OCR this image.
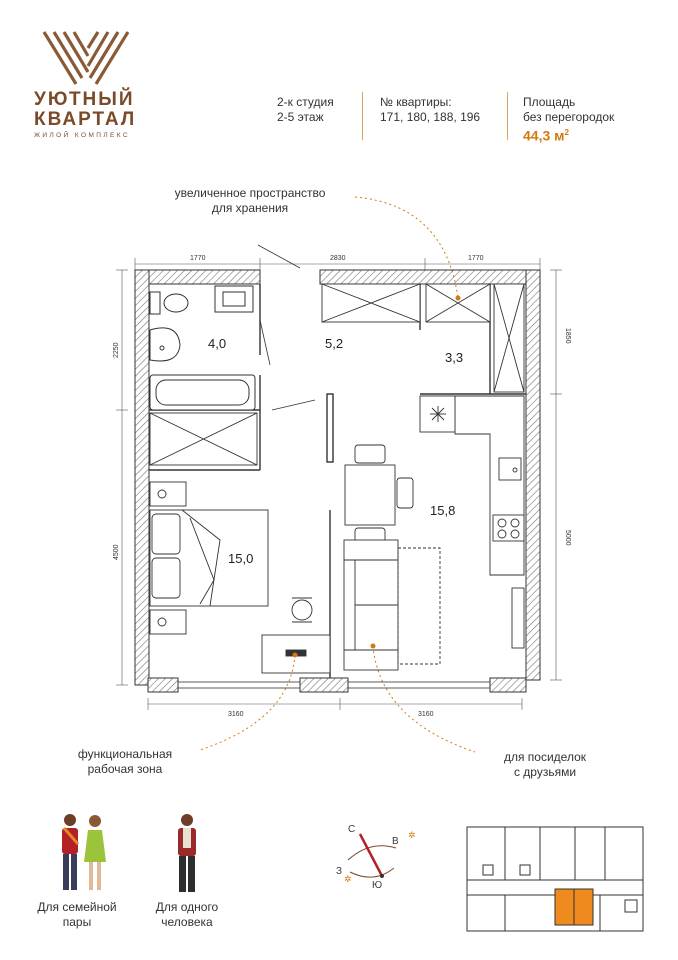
УЮТНЫЙ
КВАРТАЛ
ЖИЛОЙ КОМПЛЕКС
2-к студия
2-5 этаж
№ квартиры:
171, 180, 188, 196
Площадь
без перегородок
44,3 $м^2$
увеличенное пространство
для хранения
функциональная
рабочая зона
для посиделок
с друзьями
4,0	5,2
3,3
15,8
15,0
1770	2830	1770
2250
4500
1850
5000
3160	3160
Для семейной
пары
Для одного
человека
✲
✲
С
В
Ю
З
